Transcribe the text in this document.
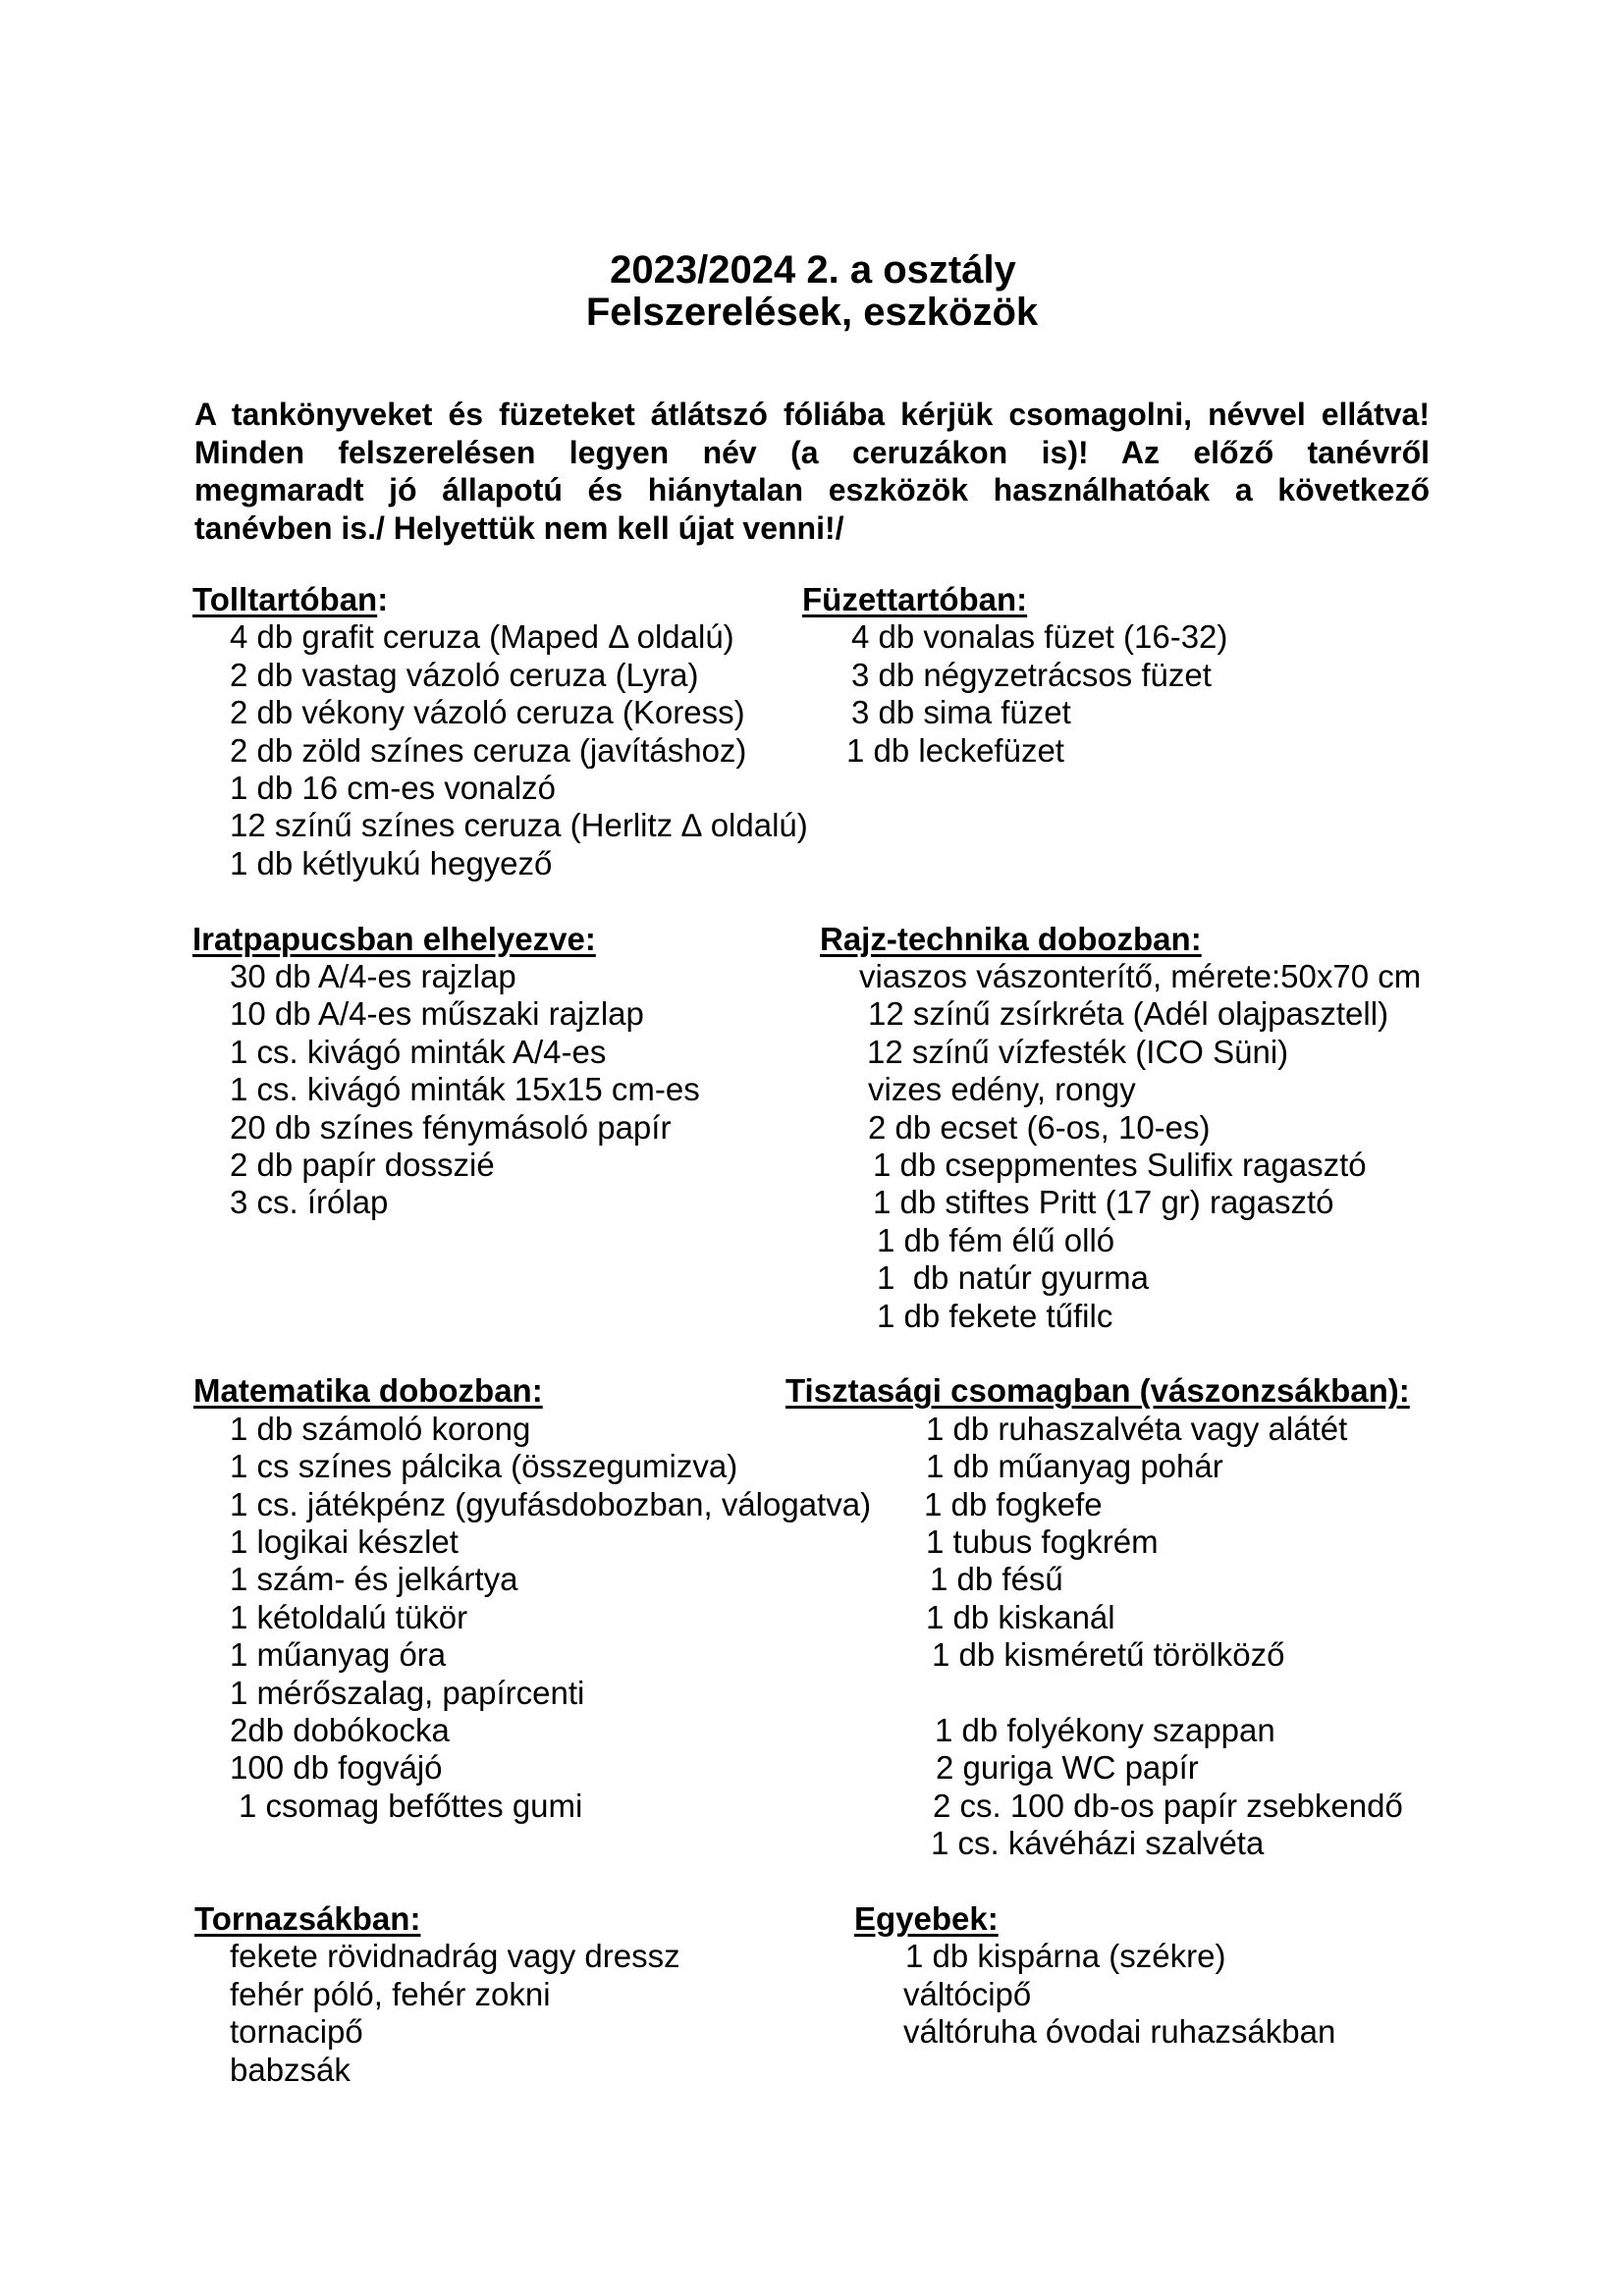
2023/2024 2. a osztály
Felszerelések, eszközök
A tankönyveket és füzeteket átlátszó fóliába kérjük csomagolni, névvel ellátva!
Minden felszerelésen legyen név (a ceruzákon is)! Az előző tanévről
megmaradt jó állapotú és hiánytalan eszközök használhatóak a következő
tanévben is./ Helyettük nem kell újat venni!/
Tolltartóban:	Füzettartóban:
4 db grafit ceruza (Maped Δ oldalú)
2 db vastag vázoló ceruza (Lyra)
2 db vékony vázoló ceruza (Koress)
2 db zöld színes ceruza (javításhoz)
1 db 16 cm-es vonalzó
12 színű színes ceruza (Herlitz ∆ oldalú)
1 db kétlyukú hegyező
4 db vonalas füzet (16-32)
3 db négyzetrácsos füzet
3 db sima füzet
1 db leckefüzet
Iratpapucsban elhelyezve:	Rajz-technika dobozban:
30 db A/4-es rajzlap
10 db A/4-es műszaki rajzlap
1 cs. kivágó minták A/4-es
1 cs. kivágó minták 15x15 cm-es
20 db színes fénymásoló papír
2 db papír dosszié
3 cs. írólap
viaszos vászonterítő, mérete:50x70 cm
12 színű zsírkréta (Adél olajpasztell)
12 színű vízfesték (ICO Süni)
vizes edény, rongy
2 db ecset (6-os, 10-es)
1 db cseppmentes Sulifix ragasztó
1 db stiftes Pritt (17 gr) ragasztó
1 db fém élű olló
1  db natúr gyurma
1 db fekete tűfilc
Matematika dobozban:	Tisztasági csomagban (vászonzsákban):
1 db számoló korong
1 cs színes pálcika (összegumizva)
1 cs. játékpénz (gyufásdobozban, válogatva)
1 logikai készlet
1 szám- és jelkártya
1 kétoldalú tükör
1 műanyag óra
1 mérőszalag, papírcenti
2db dobókocka
100 db fogvájó
1 csomag befőttes gumi
1 db ruhaszalvéta vagy alátét
1 db műanyag pohár
1 db fogkefe
1 tubus fogkrém
1 db fésű
1 db kiskanál
1 db kisméretű törölköző
1 db folyékony szappan
2 guriga WC papír
2 cs. 100 db-os papír zsebkendő
1 cs. kávéházi szalvéta
Tornazsákban:	Egyebek:
fekete rövidnadrág vagy dressz
fehér póló, fehér zokni
tornacipő
babzsák
1 db kispárna (székre)
váltócipő
váltóruha óvodai ruhazsákban
